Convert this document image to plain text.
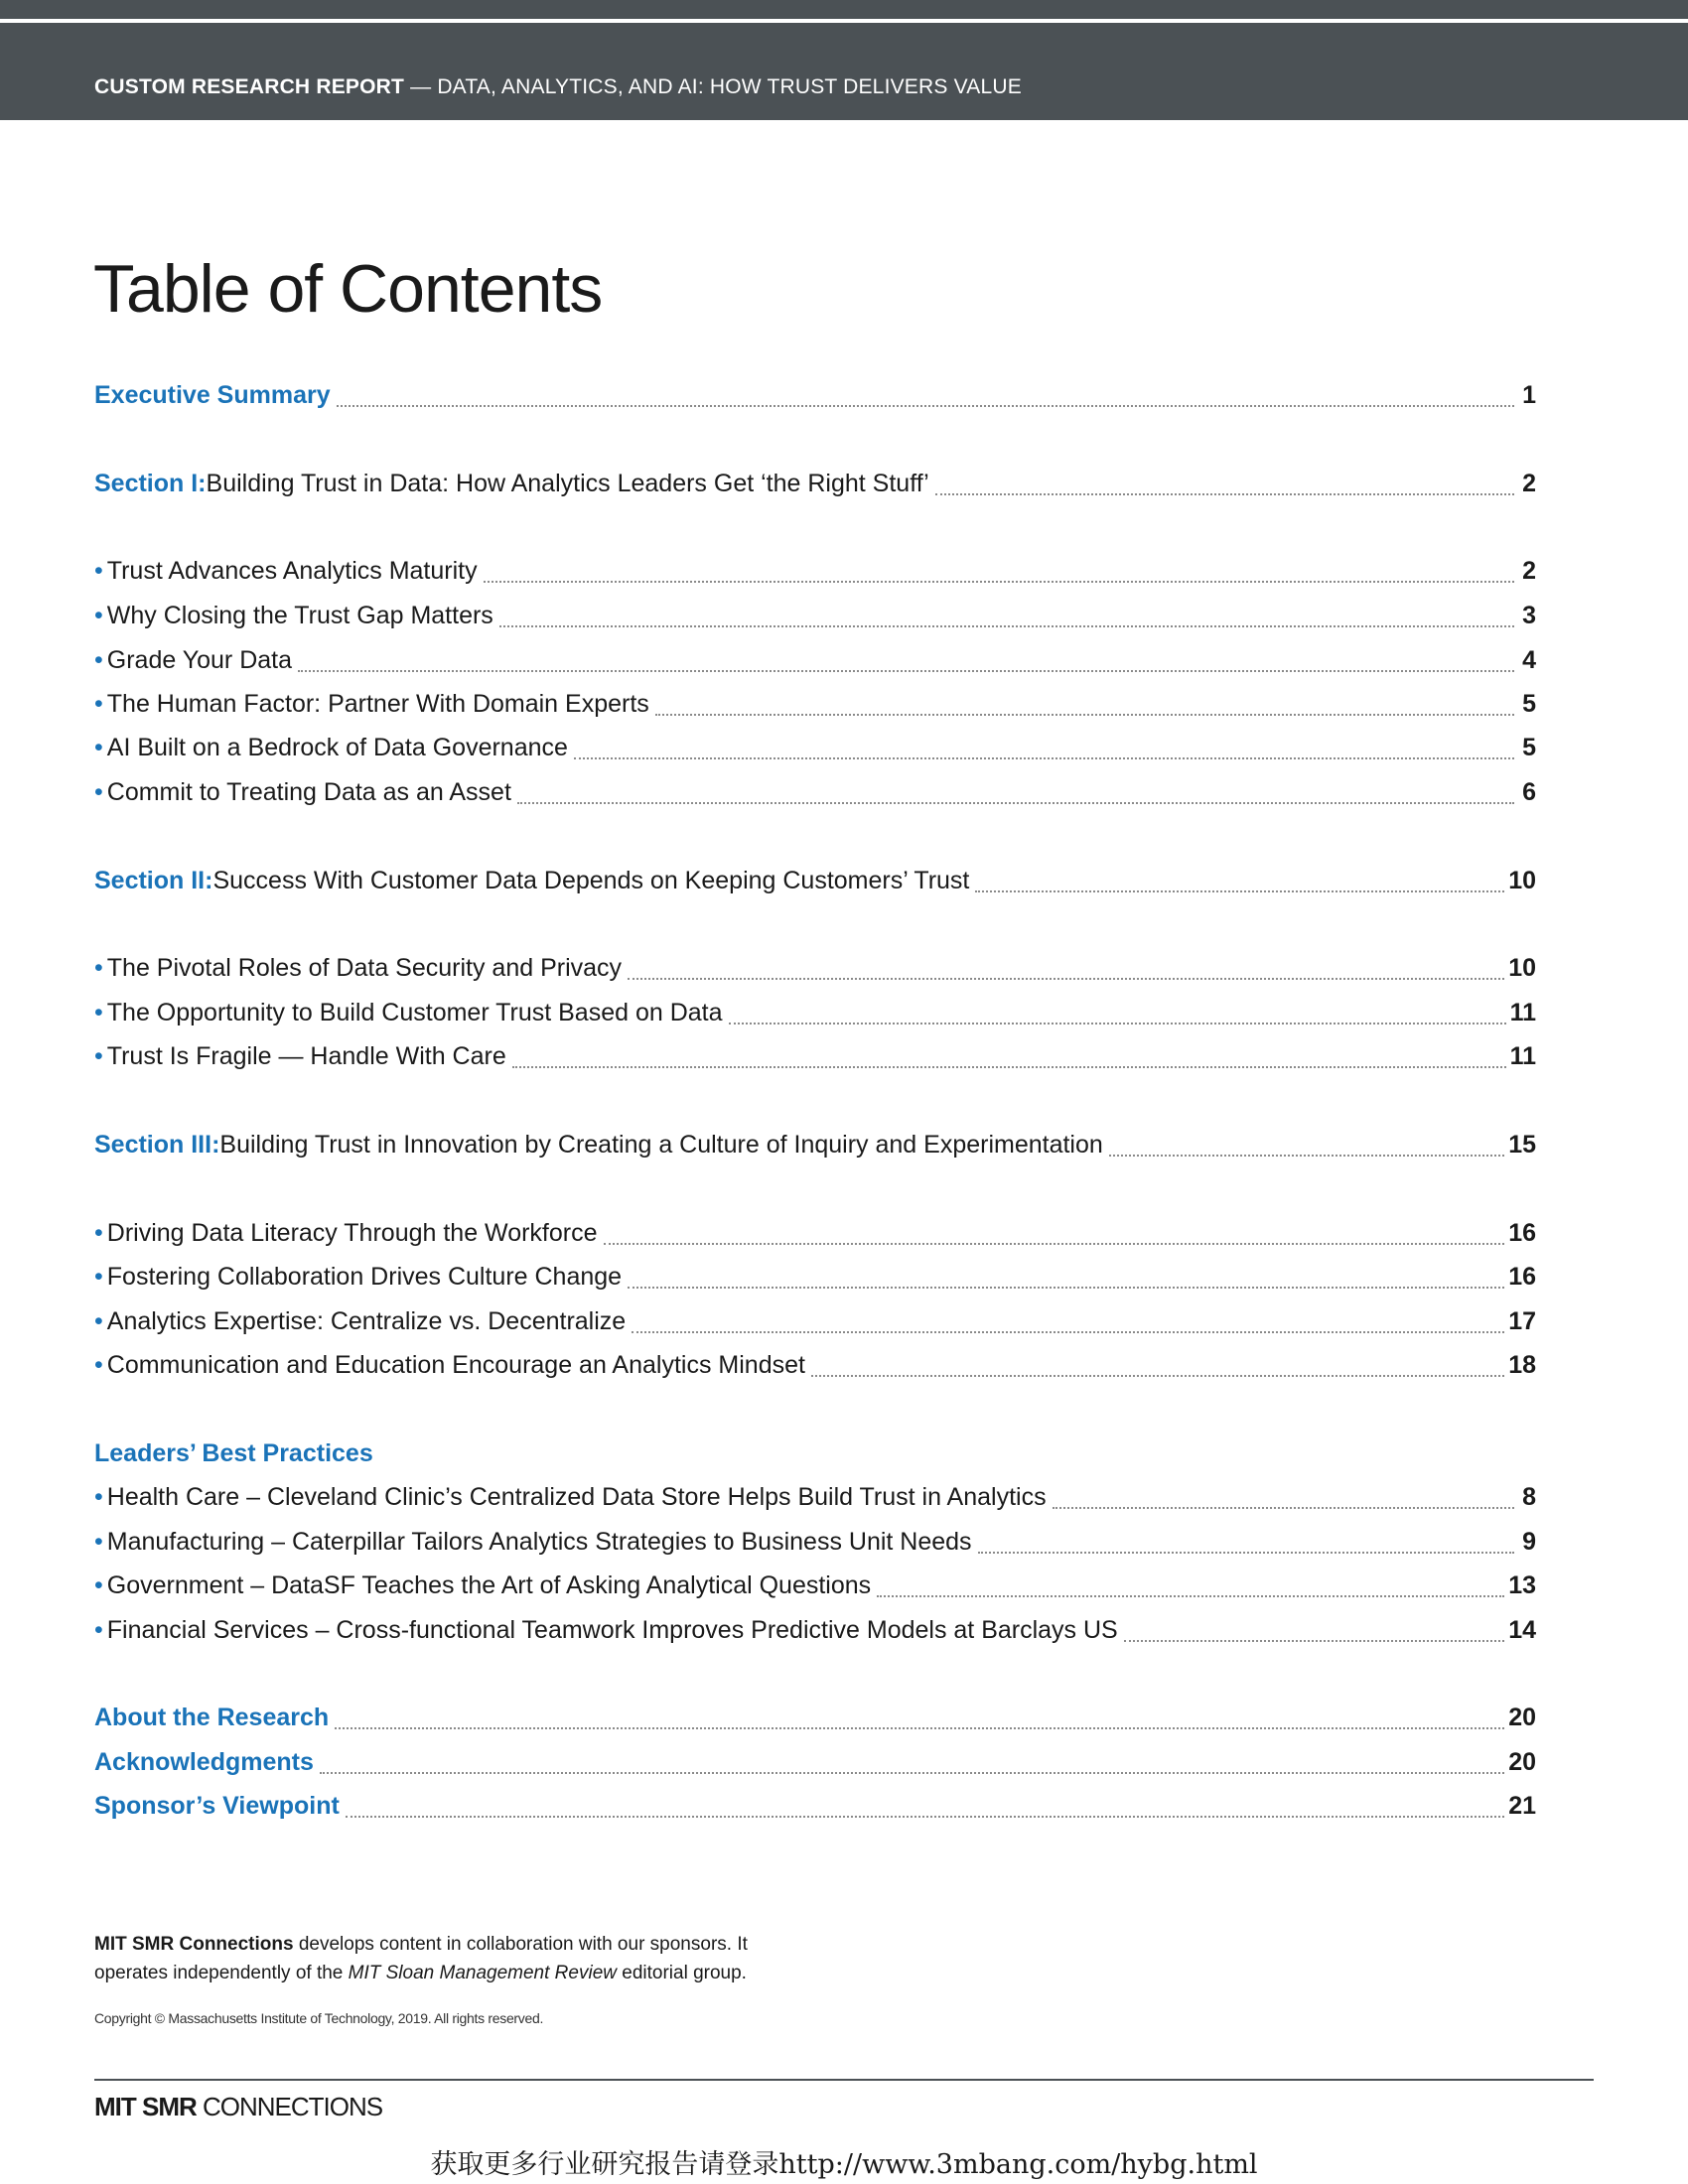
CUSTOM RESEARCH REPORT — DATA, ANALYTICS, AND AI: HOW TRUST DELIVERS VALUE
Table of Contents
Executive Summary	1
Section I: Building Trust in Data: How Analytics Leaders Get ‘the Right Stuff’	2
• Trust Advances Analytics Maturity	2
• Why Closing the Trust Gap Matters	3
• Grade Your Data	4
• The Human Factor: Partner With Domain Experts	5
• AI Built on a Bedrock of Data Governance	5
• Commit to Treating Data as an Asset	6
Section II: Success With Customer Data Depends on Keeping Customers’ Trust	10
• The Pivotal Roles of Data Security and Privacy	10
• The Opportunity to Build Customer Trust Based on Data	11
• Trust Is Fragile — Handle With Care	11
Section III: Building Trust in Innovation by Creating a Culture of Inquiry and Experimentation	15
• Driving Data Literacy Through the Workforce	16
• Fostering Collaboration Drives Culture Change	16
• Analytics Expertise: Centralize vs. Decentralize	17
• Communication and Education Encourage an Analytics Mindset	18
Leaders’ Best Practices
• Health Care – Cleveland Clinic’s Centralized Data Store Helps Build Trust in Analytics	8
• Manufacturing – Caterpillar Tailors Analytics Strategies to Business Unit Needs	9
• Government – DataSF Teaches the Art of Asking Analytical Questions	13
• Financial Services – Cross-functional Teamwork Improves Predictive Models at Barclays US	14
About the Research	20
Acknowledgments	20
Sponsor’s Viewpoint	21
MIT SMR Connections develops content in collaboration with our sponsors. It
operates independently of the MIT Sloan Management Review editorial group.
Copyright © Massachusetts Institute of Technology, 2019. All rights reserved.
MIT SMR CONNECTIONS
获取更多行业研究报告请登录http://www.3mbang.com/hybg.html
